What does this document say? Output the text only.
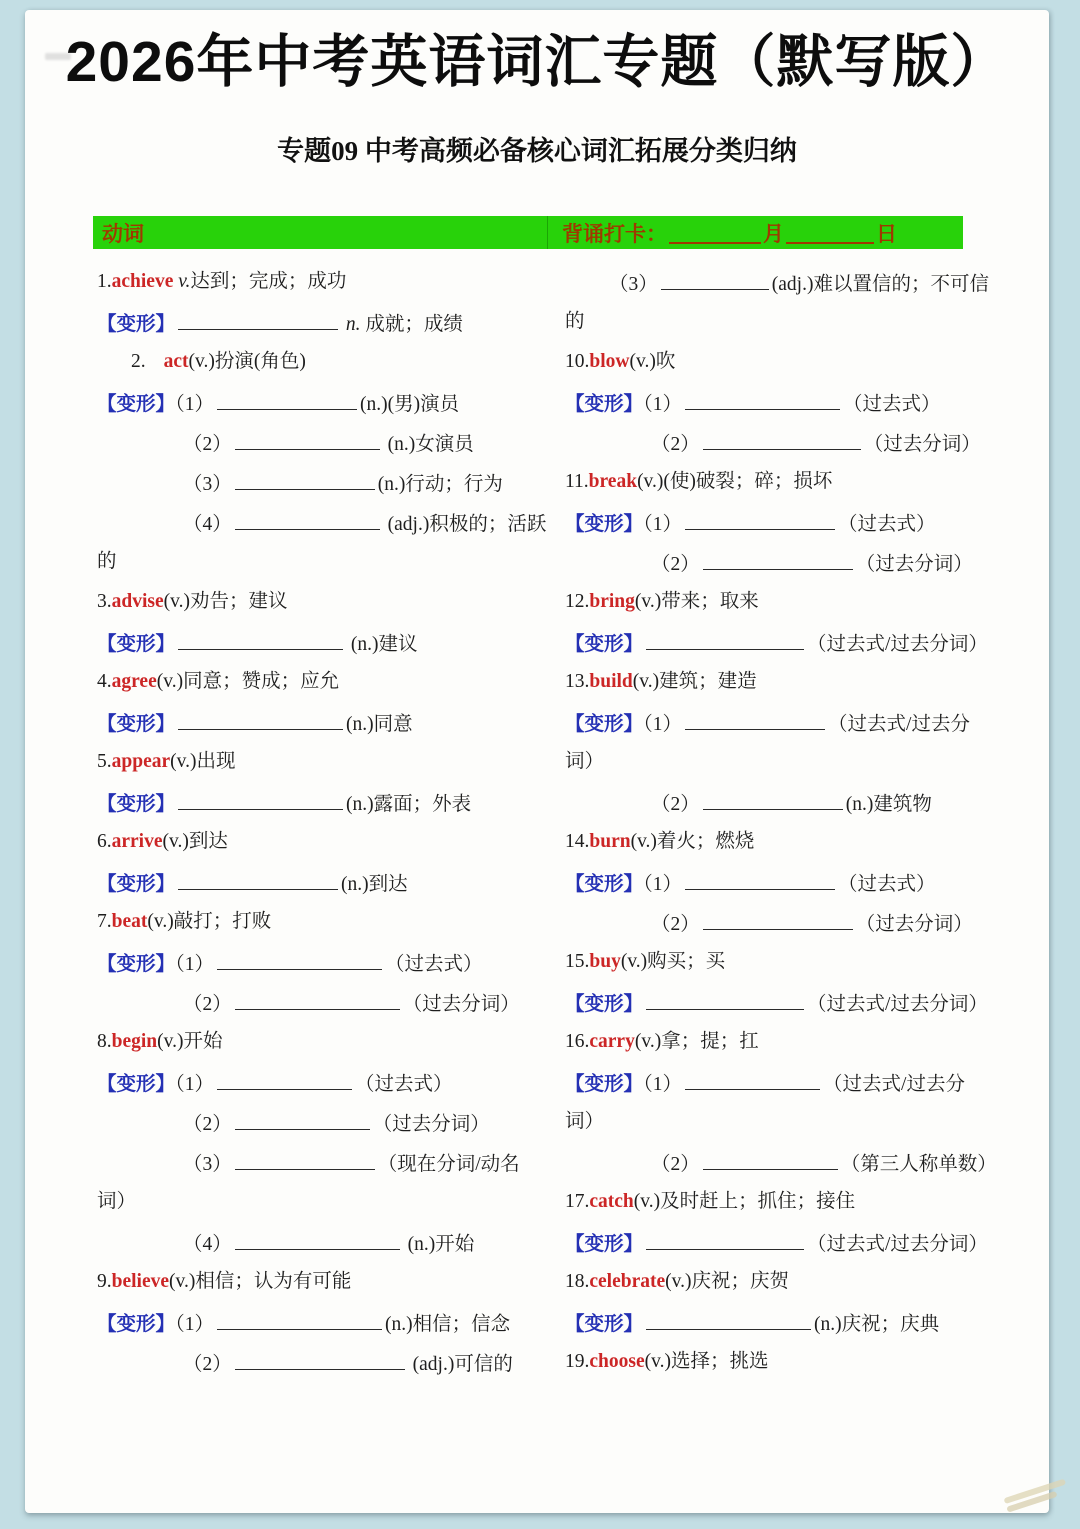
2026年中考英语词汇专题（默写版）
专题09 中考高频必备核心词汇拓展分类归纳
动词	背诵打卡：	月	日
1.achieve v.达到；完成；成功
【变形】	n. 成就；成绩
2. act(v.)扮演(角色)
【变形】（1）	(n.)(男)演员
（2）	(n.)女演员
（3）	(n.)行动；行为
（4）	(adj.)积极的；活跃
的
3.advise(v.)劝告；建议
【变形】	(n.)建议
4.agree(v.)同意；赞成；应允
【变形】	(n.)同意
5.appear(v.)出现
【变形】	(n.)露面；外表
6.arrive(v.)到达
【变形】	(n.)到达
7.beat(v.)敲打；打败
【变形】（1）	（过去式）
（2）	（过去分词）
8.begin(v.)开始
【变形】（1）	（过去式）
（2）	（过去分词）
（3）	（现在分词/动名
词）
（4）	(n.)开始
9.believe(v.)相信；认为有可能
【变形】（1）	(n.)相信；信念
（2）	(adj.)可信的
（3）	(adj.)难以置信的；不可信
的
10.blow(v.)吹
【变形】（1）	（过去式）
（2）	（过去分词）
11.break(v.)(使)破裂；碎；损坏
【变形】（1）	（过去式）
（2）	（过去分词）
12.bring(v.)带来；取来
【变形】	（过去式/过去分词）
13.build(v.)建筑；建造
【变形】（1）	（过去式/过去分
词）
（2）	(n.)建筑物
14.burn(v.)着火；燃烧
【变形】（1）	（过去式）
（2）	（过去分词）
15.buy(v.)购买；买
【变形】	（过去式/过去分词）
16.carry(v.)拿；提；扛
【变形】（1）	（过去式/过去分
词）
（2）	（第三人称单数）
17.catch(v.)及时赶上；抓住；接住
【变形】	（过去式/过去分词）
18.celebrate(v.)庆祝；庆贺
【变形】	(n.)庆祝；庆典
19.choose(v.)选择；挑选
